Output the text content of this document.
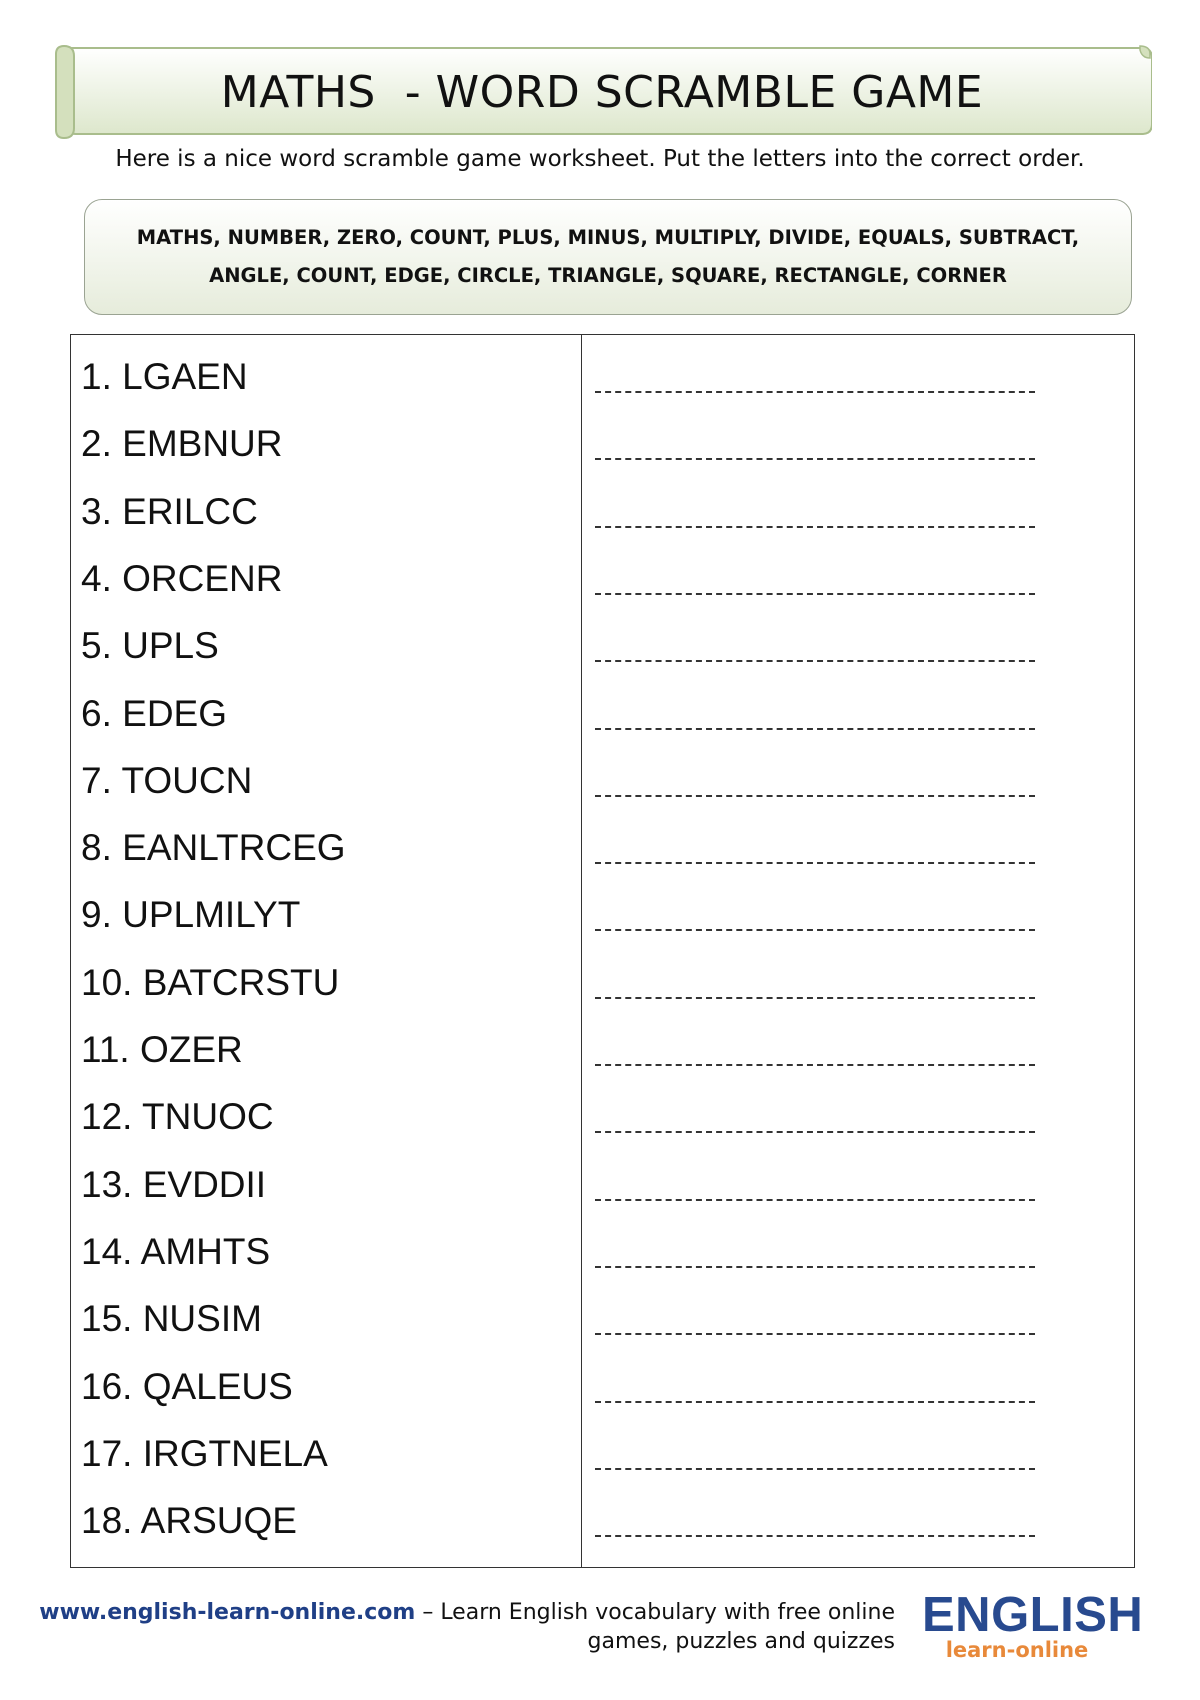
MATHS  - WORD SCRAMBLE GAME
Here is a nice word scramble game worksheet. Put the letters into the correct order.
MATHS, NUMBER, ZERO, COUNT, PLUS, MINUS, MULTIPLY, DIVIDE, EQUALS, SUBTRACT,
ANGLE, COUNT, EDGE, CIRCLE, TRIANGLE, SQUARE, RECTANGLE, CORNER
1. LGAEN
2. EMBNUR
3. ERILCC
4. ORCENR
5. UPLS
6. EDEG
7. TOUCN
8. EANLTRCEG
9. UPLMILYT
10. BATCRSTU
11. OZER
12. TNUOC
13. EVDDII
14. AMHTS
15. NUSIM
16. QALEUS
17. IRGTNELA
18. ARSUQE
www.english-learn-online.com – Learn English vocabulary with free online
games, puzzles and quizzes ENGLISH
learn-online
